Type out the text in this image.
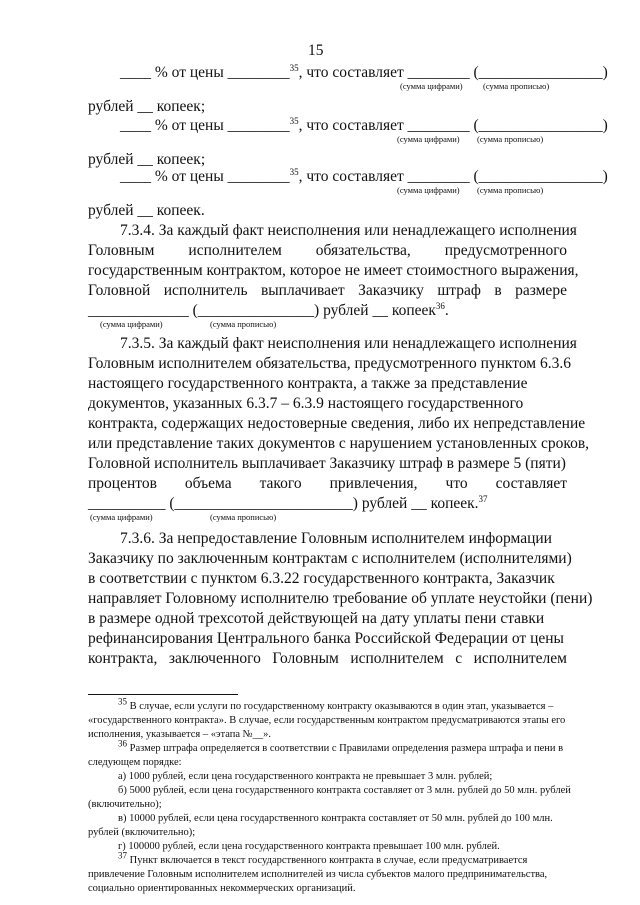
15
____ % от цены ________$^{35}$, что составляет ________ (________________)
(сумма цифрами) (сумма прописью)
рублей __ копеек;
____ % от цены ________$^{35}$, что составляет ________ (________________)
(сумма цифрами) (сумма прописью)
рублей __ копеек;
____ % от цены ________$^{35}$, что составляет ________ (________________)
(сумма цифрами) (сумма прописью)
рублей __ копеек.
7.3.4. За каждый факт неисполнения или ненадлежащего исполнения
Головным исполнителем обязательства, предусмотренного
государственным контрактом, которое не имеет стоимостного выражения,
Головной исполнитель выплачивает Заказчику штраф в размере
_____________ (_______________) рублей __ копеек$^{36}$.
(сумма цифрами)	(сумма прописью)
7.3.5. За каждый факт неисполнения или ненадлежащего исполнения
Головным исполнителем обязательства, предусмотренного пунктом 6.3.6
настоящего государственного контракта, а также за представление
документов, указанных 6.3.7 – 6.3.9 настоящего государственного
контракта, содержащих недостоверные сведения, либо их непредставление
или представление таких документов с нарушением установленных сроков,
Головной исполнитель выплачивает Заказчику штраф в размере 5 (пяти)
процентов объема такого привлечения, что составляет
__________ (_______________________) рублей __ копеек.$^{37}$
(сумма цифрами)	(сумма прописью)
7.3.6. За непредоставление Головным исполнителем информации
Заказчику по заключенным контрактам с исполнителем (исполнителями)
в соответствии с пунктом 6.3.22 государственного контракта, Заказчик
направляет Головному исполнителю требование об уплате неустойки (пени)
в размере одной трехсотой действующей на дату уплаты пени ставки
рефинансирования Центрального банка Российской Федерации от цены
контракта, заключенного Головным исполнителем с исполнителем
$^{35}$ В случае, если услуги по государственному контракту оказываются в один этап, указывается –
«государственного контракта». В случае, если государственным контрактом предусматриваются этапы его
исполнения, указывается – «этапа №__».
$^{36}$ Размер штрафа определяется в соответствии с Правилами определения размера штрафа и пени в
следующем порядке:
а) 1000 рублей, если цена государственного контракта не превышает 3 млн. рублей;
б) 5000 рублей, если цена государственного контракта составляет от 3 млн. рублей до 50 млн. рублей
(включительно);
в) 10000 рублей, если цена государственного контракта составляет от 50 млн. рублей до 100 млн.
рублей (включительно);
г) 100000 рублей, если цена государственного контракта превышает 100 млн. рублей.
$^{37}$ Пункт включается в текст государственного контракта в случае, если предусматривается
привлечение Головным исполнителем исполнителей из числа субъектов малого предпринимательства,
социально ориентированных некоммерческих организаций.
